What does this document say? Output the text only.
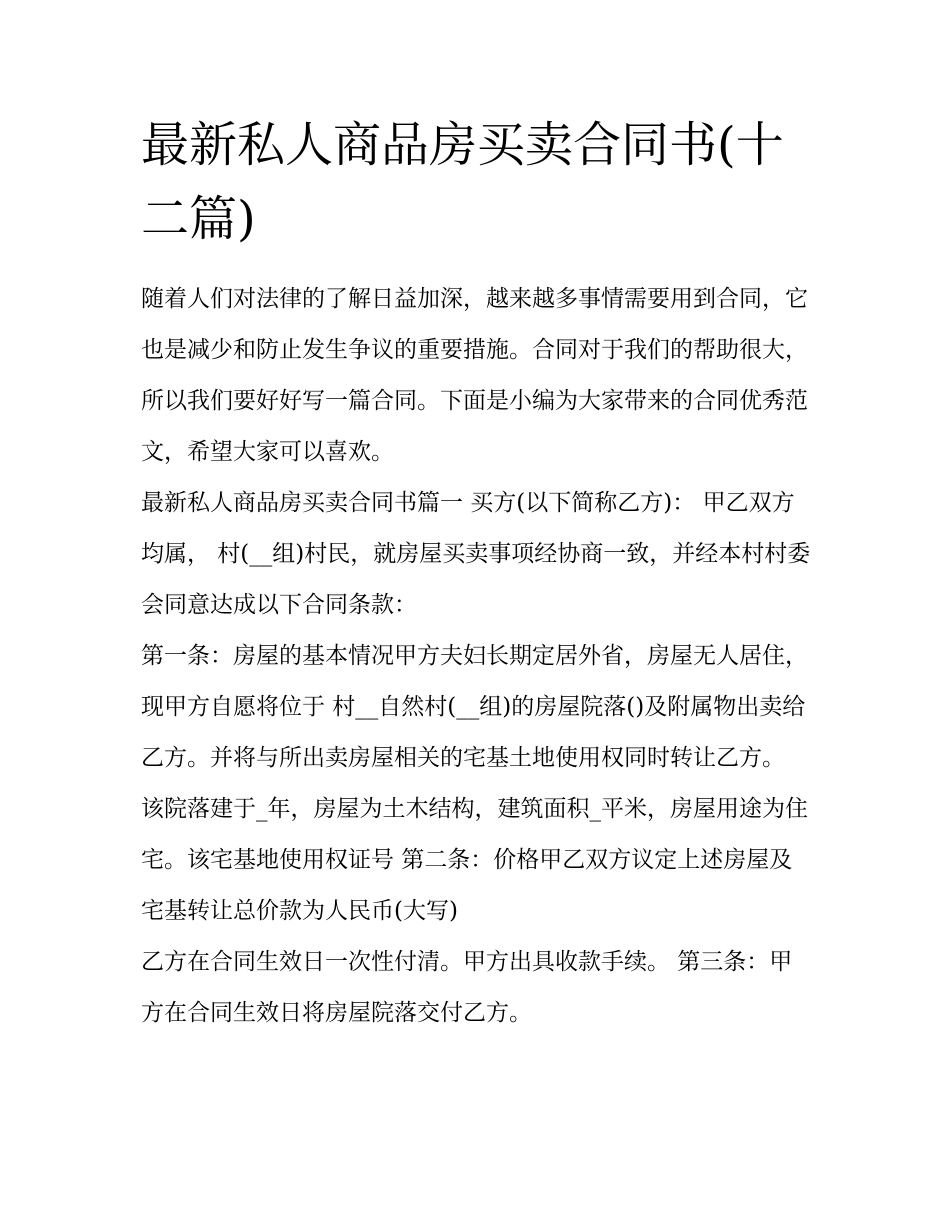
最新私人商品房买卖合同书(十二篇)

随着人们对法律的了解日益加深，越来越多事情需要用到合同，它也是减少和防止发生争议的重要措施。合同对于我们的帮助很大，所以我们要好好写一篇合同。下面是小编为大家带来的合同优秀范文，希望大家可以喜欢。

最新私人商品房买卖合同书篇一 买方(以下简称乙方)： 甲乙双方均属， 村(__组)村民，就房屋买卖事项经协商一致，并经本村村委会同意达成以下合同条款：

第一条：房屋的基本情况甲方夫妇长期定居外省，房屋无人居住，现甲方自愿将位于 村__自然村(__组)的房屋院落()及附属物出卖给乙方。并将与所出卖房屋相关的宅基土地使用权同时转让乙方。

该院落建于_年，房屋为土木结构，建筑面积_平米，房屋用途为住宅。该宅基地使用权证号 第二条：价格甲乙双方议定上述房屋及宅基转让总价款为人民币(大写)

乙方在合同生效日一次性付清。甲方出具收款手续。 第三条：甲方在合同生效日将房屋院落交付乙方。
